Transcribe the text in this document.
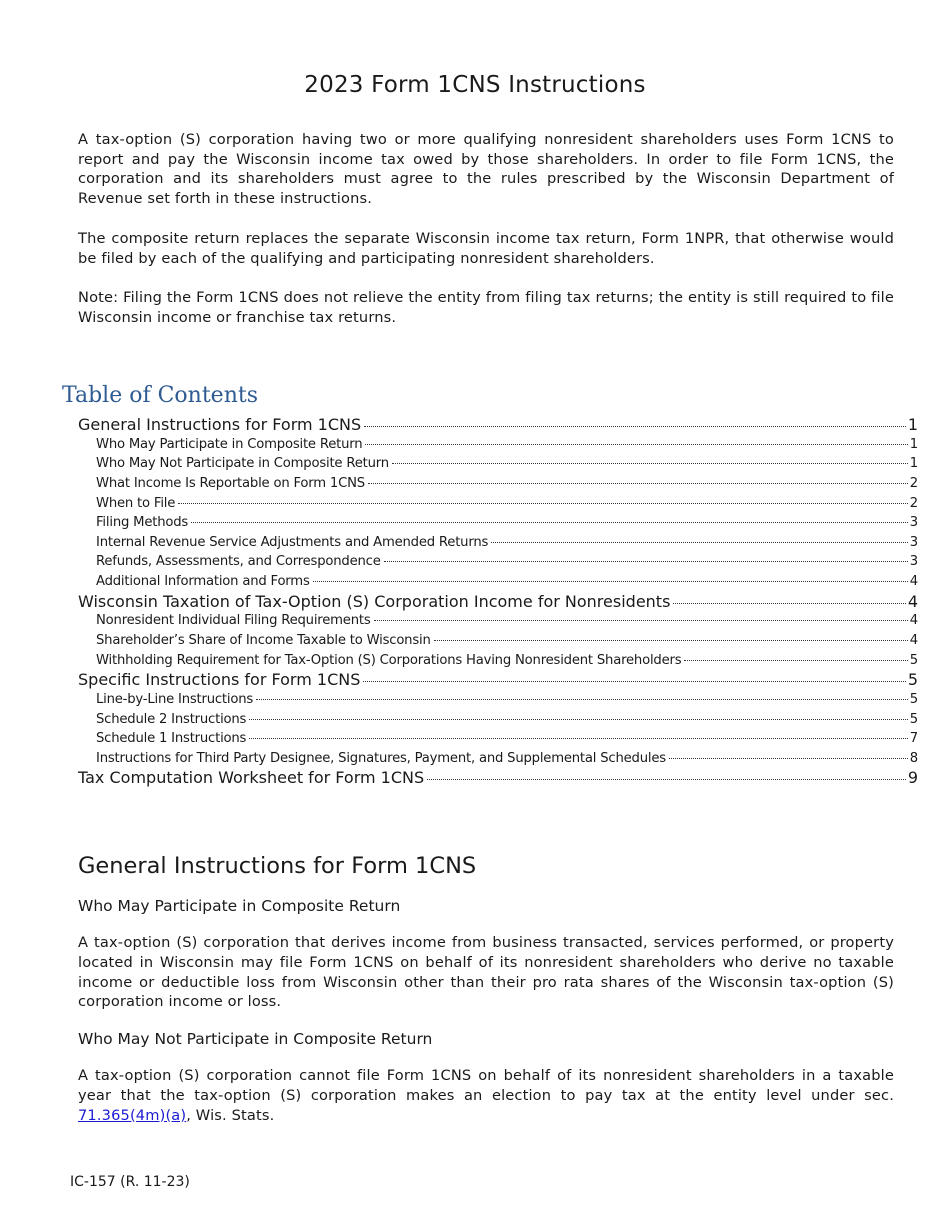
2023 Form 1CNS Instructions

A tax-option (S) corporation having two or more qualifying nonresident shareholders uses Form 1CNS to report and pay the Wisconsin income tax owed by those shareholders. In order to file Form 1CNS, the corporation and its shareholders must agree to the rules prescribed by the Wisconsin Department of Revenue set forth in these instructions.

The composite return replaces the separate Wisconsin income tax return, Form 1NPR, that otherwise would be filed by each of the qualifying and participating nonresident shareholders.

Note: Filing the Form 1CNS does not relieve the entity from filing tax returns; the entity is still required to file Wisconsin income or franchise tax returns.

Table of Contents
General Instructions for Form 1CNS	1
Who May Participate in Composite Return	1
Who May Not Participate in Composite Return	1
What Income Is Reportable on Form 1CNS	2
When to File	2
Filing Methods	3
Internal Revenue Service Adjustments and Amended Returns	3
Refunds, Assessments, and Correspondence	3
Additional Information and Forms	4
Wisconsin Taxation of Tax-Option (S) Corporation Income for Nonresidents	4
Nonresident Individual Filing Requirements	4
Shareholder’s Share of Income Taxable to Wisconsin	4
Withholding Requirement for Tax-Option (S) Corporations Having Nonresident Shareholders	5
Specific Instructions for Form 1CNS	5
Line-by-Line Instructions	5
Schedule 2 Instructions	5
Schedule 1 Instructions	7
Instructions for Third Party Designee, Signatures, Payment, and Supplemental Schedules	8
Tax Computation Worksheet for Form 1CNS	9
General Instructions for Form 1CNS
Who May Participate in Composite Return

A tax-option (S) corporation that derives income from business transacted, services performed, or property located in Wisconsin may file Form 1CNS on behalf of its nonresident shareholders who derive no taxable income or deductible loss from Wisconsin other than their pro rata shares of the Wisconsin tax-option (S) corporation income or loss.

Who May Not Participate in Composite Return

A tax-option (S) corporation cannot file Form 1CNS on behalf of its nonresident shareholders in a taxable year that the tax-option (S) corporation makes an election to pay tax at the entity level under sec. 71.365(4m)(a), Wis. Stats.

IC-157 (R. 11-23)
